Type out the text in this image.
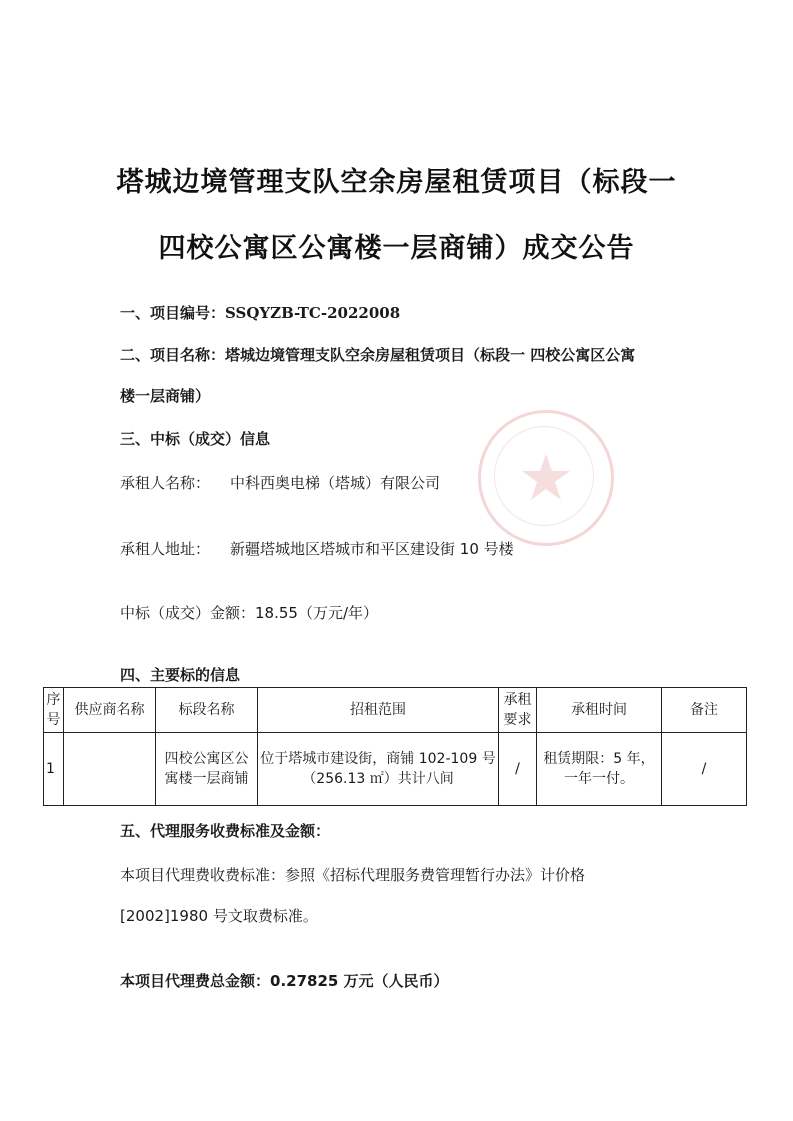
塔城边境管理支队空余房屋租赁项目（标段一
四校公寓区公寓楼一层商铺）成交公告
一、项目编号：SSQYZB-TC-2022008
二、项目名称：塔城边境管理支队空余房屋租赁项目（标段一 四校公寓区公寓
楼一层商铺）
三、中标（成交）信息
承租人名称： 中科西奥电梯（塔城）有限公司
承租人地址： 新疆塔城地区塔城市和平区建设街 10 号楼
中标（成交）金额：18.55（万元/年）
四、主要标的信息
序号	供应商名称	标段名称	招租范围	承租要求	承租时间	备注
1		四校公寓区公寓楼一层商铺	位于塔城市建设街，商铺 102-109 号（256.13 ㎡）共计八间	/	租赁期限：5 年，一年一付。	/
五、代理服务收费标准及金额：
本项目代理费收费标准：参照《招标代理服务费管理暂行办法》计价格
[2002]1980 号文取费标准。
本项目代理费总金额：0.27825 万元（人民币）
